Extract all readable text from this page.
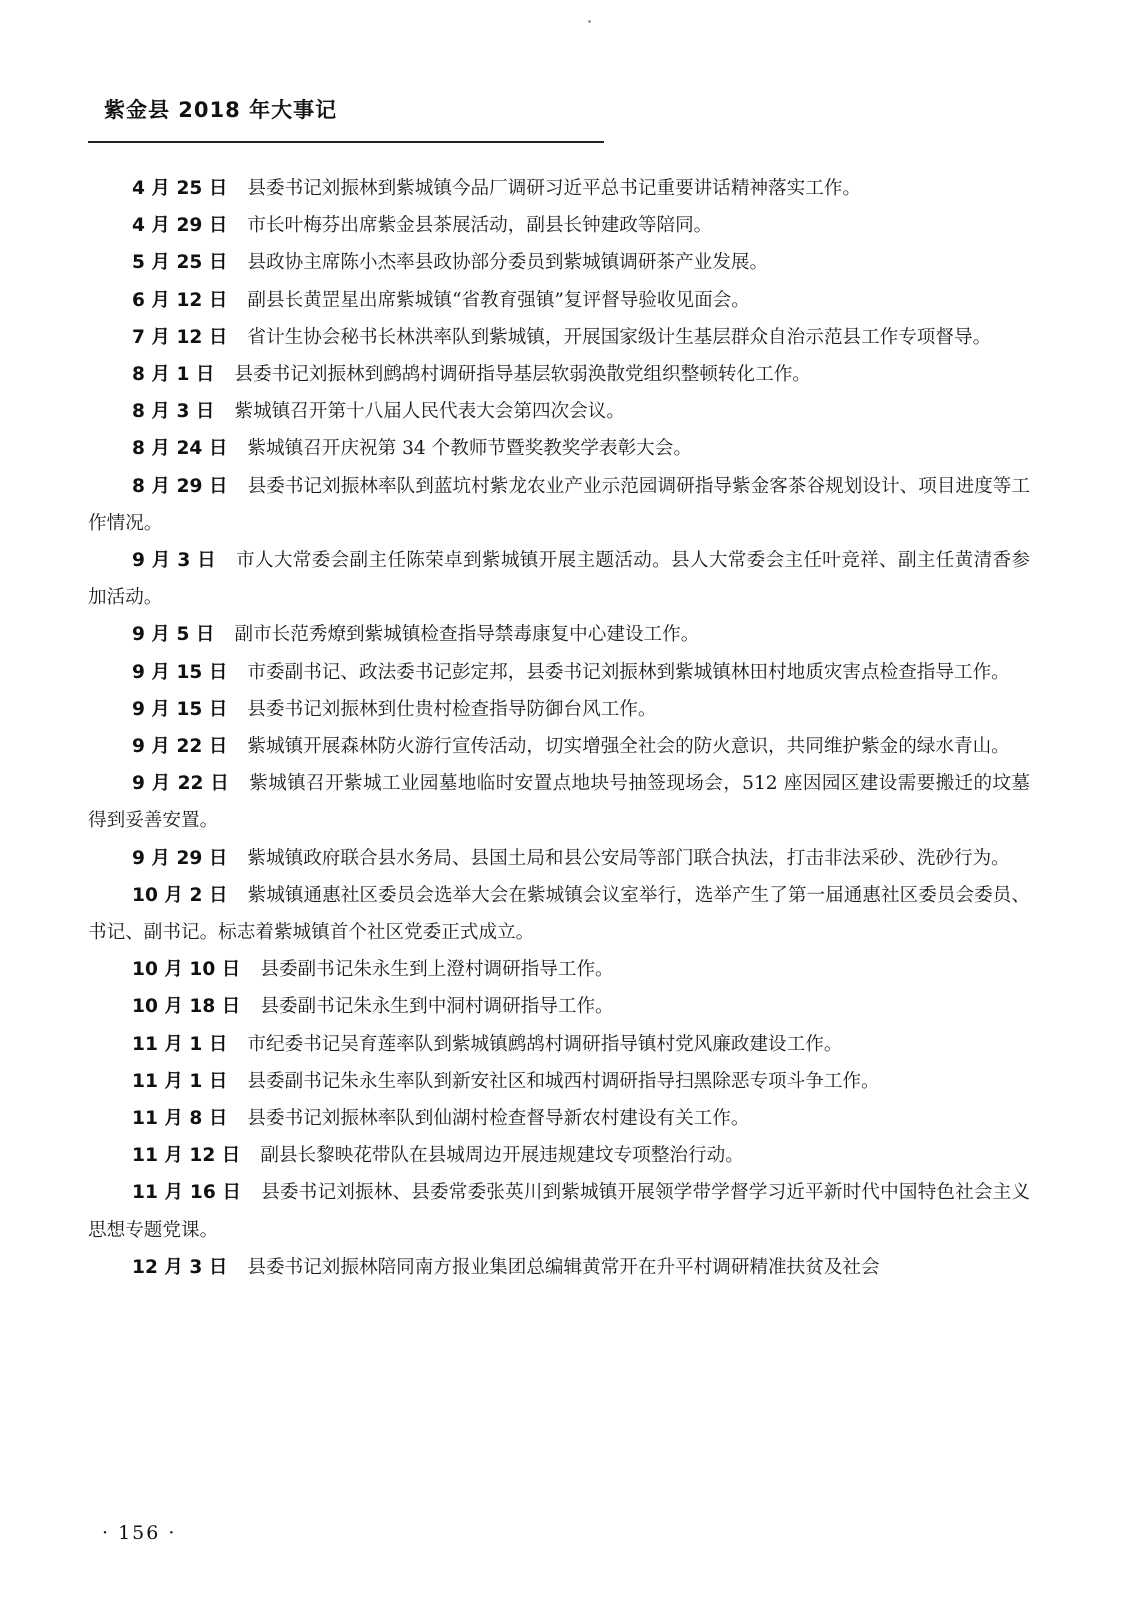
紫金县 2018 年大事记

4 月 25 日 县委书记刘振林到紫城镇今品厂调研习近平总书记重要讲话精神落实工作。

4 月 29 日 市长叶梅芬出席紫金县茶展活动，副县长钟建政等陪同。

5 月 25 日 县政协主席陈小杰率县政协部分委员到紫城镇调研茶产业发展。

6 月 12 日 副县长黄罡星出席紫城镇“省教育强镇”复评督导验收见面会。

7 月 12 日 省计生协会秘书长林洪率队到紫城镇，开展国家级计生基层群众自治示范县工作专项督导。

8 月 1 日 县委书记刘振林到鹧鸪村调研指导基层软弱涣散党组织整顿转化工作。

8 月 3 日 紫城镇召开第十八届人民代表大会第四次会议。

8 月 24 日 紫城镇召开庆祝第 34 个教师节暨奖教奖学表彰大会。

8 月 29 日 县委书记刘振林率队到蓝坑村紫龙农业产业示范园调研指导紫金客茶谷规划设计、项目进度等工作情况。

9 月 3 日 市人大常委会副主任陈荣卓到紫城镇开展主题活动。县人大常委会主任叶竞祥、副主任黄清香参加活动。

9 月 5 日 副市长范秀燎到紫城镇检查指导禁毒康复中心建设工作。

9 月 15 日 市委副书记、政法委书记彭定邦，县委书记刘振林到紫城镇林田村地质灾害点检查指导工作。

9 月 15 日 县委书记刘振林到仕贵村检查指导防御台风工作。

9 月 22 日 紫城镇开展森林防火游行宣传活动，切实增强全社会的防火意识，共同维护紫金的绿水青山。

9 月 22 日 紫城镇召开紫城工业园墓地临时安置点地块号抽签现场会，512 座因园区建设需要搬迁的坟墓得到妥善安置。

9 月 29 日 紫城镇政府联合县水务局、县国土局和县公安局等部门联合执法，打击非法采砂、洗砂行为。

10 月 2 日 紫城镇通惠社区委员会选举大会在紫城镇会议室举行，选举产生了第一届通惠社区委员会委员、书记、副书记。标志着紫城镇首个社区党委正式成立。

10 月 10 日 县委副书记朱永生到上澄村调研指导工作。

10 月 18 日 县委副书记朱永生到中洞村调研指导工作。

11 月 1 日 市纪委书记吴育莲率队到紫城镇鹧鸪村调研指导镇村党风廉政建设工作。

11 月 1 日 县委副书记朱永生率队到新安社区和城西村调研指导扫黑除恶专项斗争工作。

11 月 8 日 县委书记刘振林率队到仙湖村检查督导新农村建设有关工作。

11 月 12 日 副县长黎映花带队在县城周边开展违规建坟专项整治行动。

11 月 16 日 县委书记刘振林、县委常委张英川到紫城镇开展领学带学督学习近平新时代中国特色社会主义思想专题党课。

12 月 3 日 县委书记刘振林陪同南方报业集团总编辑黄常开在升平村调研精准扶贫及社会

· 156 ·
